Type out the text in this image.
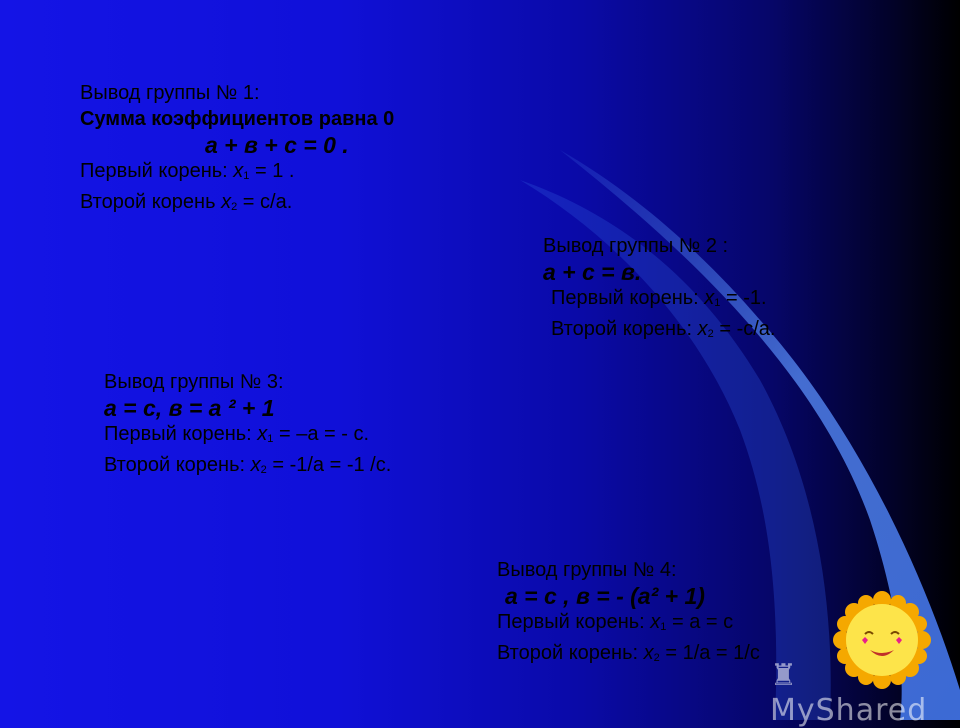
Вывод группы № 1:
Сумма коэффициентов равна 0
а + в + с = 0 .
Первый корень: $x_1 = 1$ .
Второй корень $x_2 = с/а$.
Вывод группы № 2 :
а + с = в.
Первый корень: $x_1 = -1$.
Второй корень: $x_2 = -с/а$.
Вывод группы № 3:
а = с, в = а ² + 1
Первый корень: $x_1 = -а$ = - с.
Второй корень: $x_2 = -1/а = -1$ /с.
Вывод группы № 4:
а = с , в = - (а² + 1)
Первый корень: $x_1 = а = с$
Второй корень: $x_2 = 1/а = 1/с$
♜ MyShared
